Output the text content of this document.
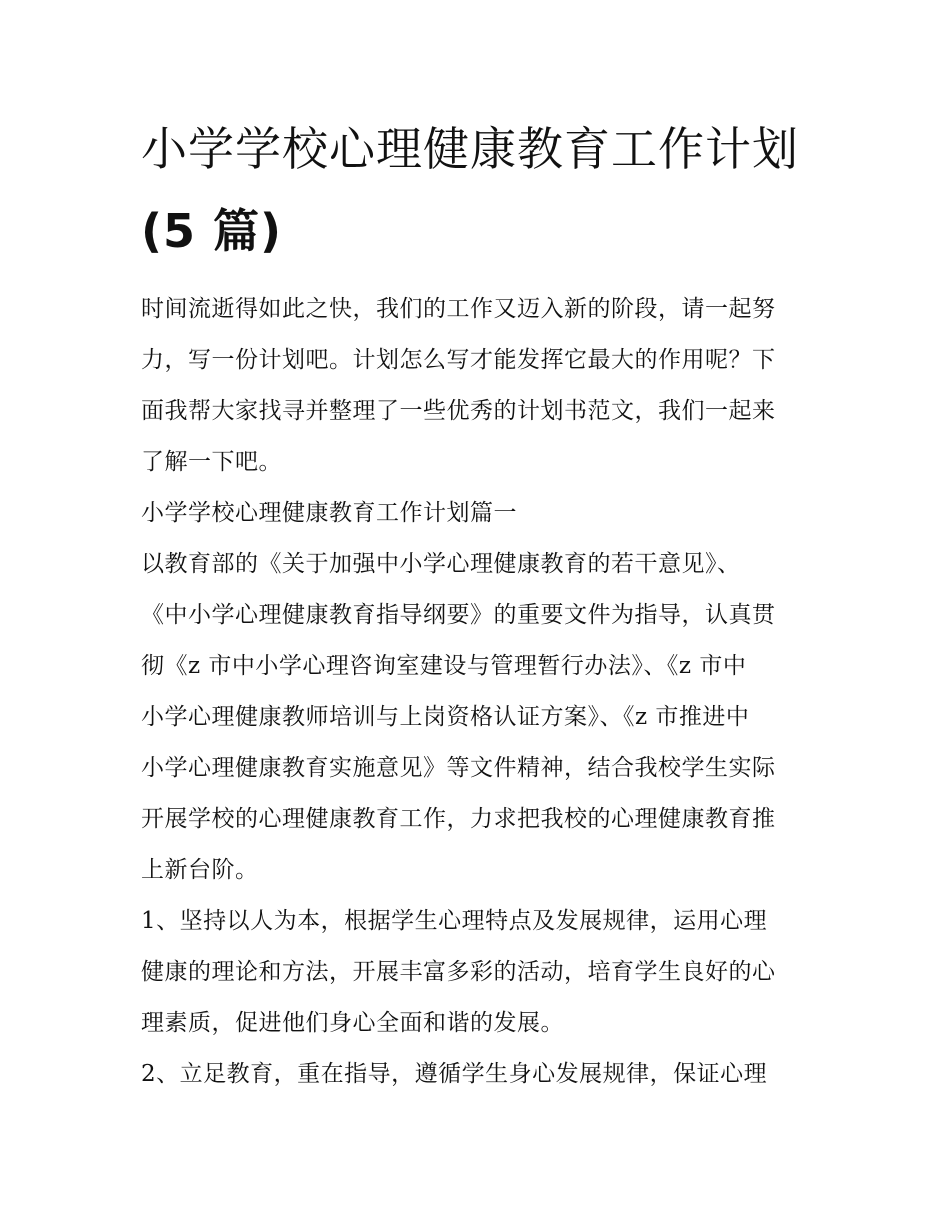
小学学校心理健康教育工作计划(5 篇)
时间流逝得如此之快，我们的工作又迈入新的阶段，请一起努
力，写一份计划吧。计划怎么写才能发挥它最大的作用呢？下
面我帮大家找寻并整理了一些优秀的计划书范文，我们一起来
了解一下吧。
小学学校心理健康教育工作计划篇一
以教育部的《关于加强中小学心理健康教育的若干意见》、
《中小学心理健康教育指导纲要》的重要文件为指导，认真贯
彻《z 市中小学心理咨询室建设与管理暂行办法》、《z 市中
小学心理健康教师培训与上岗资格认证方案》、《z 市推进中
小学心理健康教育实施意见》等文件精神，结合我校学生实际
开展学校的心理健康教育工作，力求把我校的心理健康教育推
上新台阶。
1、坚持以人为本，根据学生心理特点及发展规律，运用心理
健康的理论和方法，开展丰富多彩的活动，培育学生良好的心
理素质，促进他们身心全面和谐的发展。
2、立足教育，重在指导，遵循学生身心发展规律，保证心理
